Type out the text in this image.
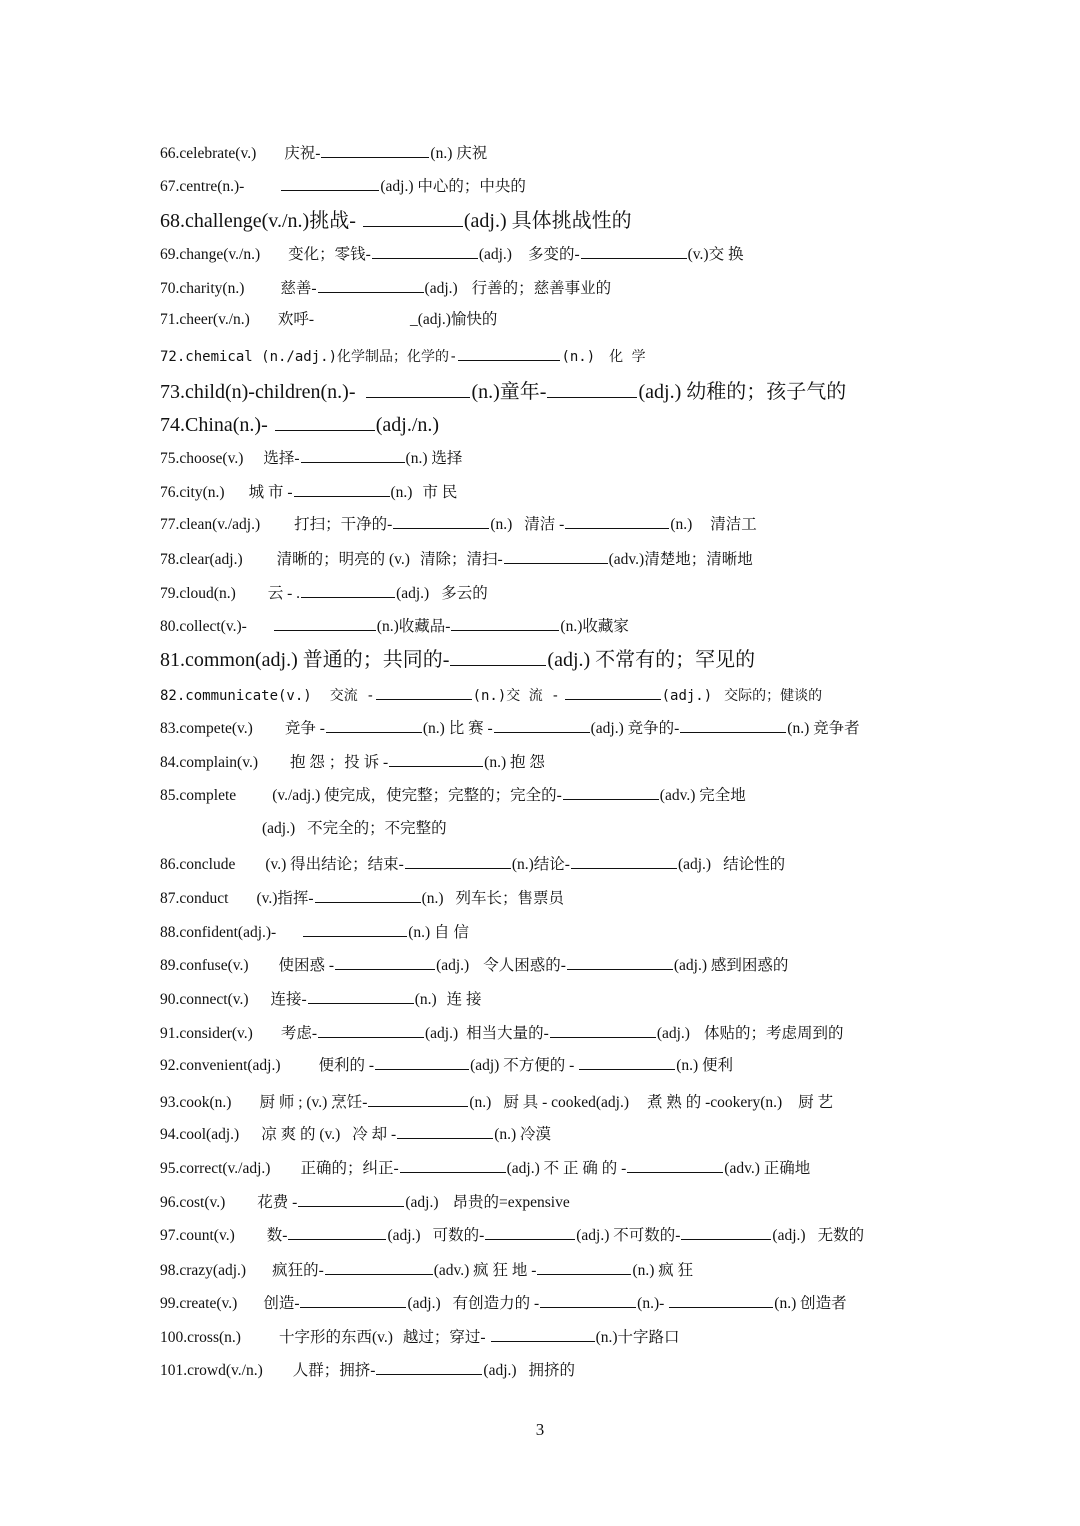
66.celebrate(v.) 庆祝-	(n.) 庆祝
67.centre(n.)-	(adj.) 中心的；中央的
68.challenge(v./n.)挑战-	(adj.) 具体挑战性的
69.change(v./n.) 变化；零钱-	(adj.) 多变的-	(v.)交 换
70.charity(n.) 慈善-	(adj.) 行善的；慈善事业的
71.cheer(v./n.) 欢呼-	_(adj.)愉快的
72.chemical (n./adj.)化学制品；化学的-	(n.) 化 学
73.child(n)-children(n.)-	(n.)童年-	(adj.) 幼稚的；孩子气的
74.China(n.)-	(adj./n.)
75.choose(v.) 选择-	(n.) 选择
76.city(n.) 城 市 -	(n.) 市 民
77.clean(v./adj.) 打扫；干净的-	(n.) 清洁 -	(n.) 清洁工
78.clear(adj.) 清晰的；明亮的 (v.) 清除；清扫-	(adv.)清楚地；清晰地
79.cloud(n.) 云 - .	(adj.) 多云的
80.collect(v.)-	(n.)收藏品-	(n.)收藏家
81.common(adj.) 普通的；共同的-	(adj.) 不常有的；罕见的
82.communicate(v.) 交流 -	(n.)交 流 -	(adj.) 交际的；健谈的
83.compete(v.) 竞争 -	(n.) 比 赛 -	(adj.) 竞争的-	(n.) 竞争者
84.complain(v.) 抱 怨 ；投 诉 -	(n.) 抱 怨
85.complete (v./adj.) 使完成，使完整；完整的；完全的-	(adv.) 完全地
(adj.) 不完全的；不完整的
86.conclude (v.) 得出结论；结束-	(n.)结论-	(adj.) 结论性的
87.conduct (v.)指挥-	(n.) 列车长；售票员
88.confident(adj.)-	(n.) 自 信
89.confuse(v.) 使困惑 -	(adj.) 令人困惑的-	(adj.) 感到困惑的
90.connect(v.) 连接-	(n.) 连 接
91.consider(v.) 考虑-	(adj.) 相当大量的-	(adj.) 体贴的；考虑周到的
92.convenient(adj.) 便利的 -	(adj) 不方便的 -	(n.) 便利
93.cook(n.) 厨 师 ; (v.) 烹饪-	(n.) 厨 具 - cooked(adj.) 煮 熟 的 -cookery(n.) 厨 艺
94.cool(adj.) 凉 爽 的 (v.) 冷 却 -	(n.) 冷漠
95.correct(v./adj.) 正确的；纠正-	(adj.) 不 正 确 的 -	(adv.) 正确地
96.cost(v.) 花费 -	(adj.) 昂贵的=expensive
97.count(v.) 数-	(adj.) 可数的-	(adj.) 不可数的-	(adj.) 无数的
98.crazy(adj.) 疯狂的-	(adv.) 疯 狂 地 -	(n.) 疯 狂
99.create(v.) 创造-	(adj.) 有创造力的 -	(n.)-	(n.) 创造者
100.cross(n.) 十字形的东西(v.) 越过；穿过-	(n.)十字路口
101.crowd(v./n.) 人群；拥挤-	(adj.) 拥挤的
3
